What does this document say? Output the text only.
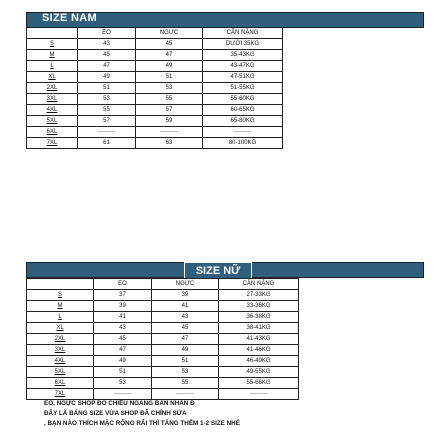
SIZE NAM
	EO	NGỰC	CÂN NẶNG
S	43	45	DƯỚI 35KG
M	45	47	35-43KG
L	47	49	43-47KG
XL	49	51	47-51KG
2XL	51	53	51-55KG
3XL	53	55	55-60KG
4XL	55	57	60-65KG
5XL	57	59	65-80KG
6XL	———	———	———
7XL	61	63	80-100KG
SIZE NỮ
	EO	NGỰC	CÂN NẶNG
S	37	39	27-33KG
M	39	41	33-36KG
L	41	43	36-38KG
XL	43	45	38-41KG
2XL	45	47	41-43KG
3XL	47	49	41-46KG
4XL	49	51	46-49KG
5XL	51	53	49-55KG
6XL	53	55	55-66KG
7XL	———	———	———
EO, NGỰC SHOP ĐO CHIỀU NGANG BÀN NHÂN Đ
ĐÂY LÀ BẢNG SIZE VỪA SHOP ĐÃ CHỈNH SỬA
, BẠN NÀO THÍCH MẶC RỘNG RÃI THÌ TĂNG THÊM 1-2 SIZE NHÉ
